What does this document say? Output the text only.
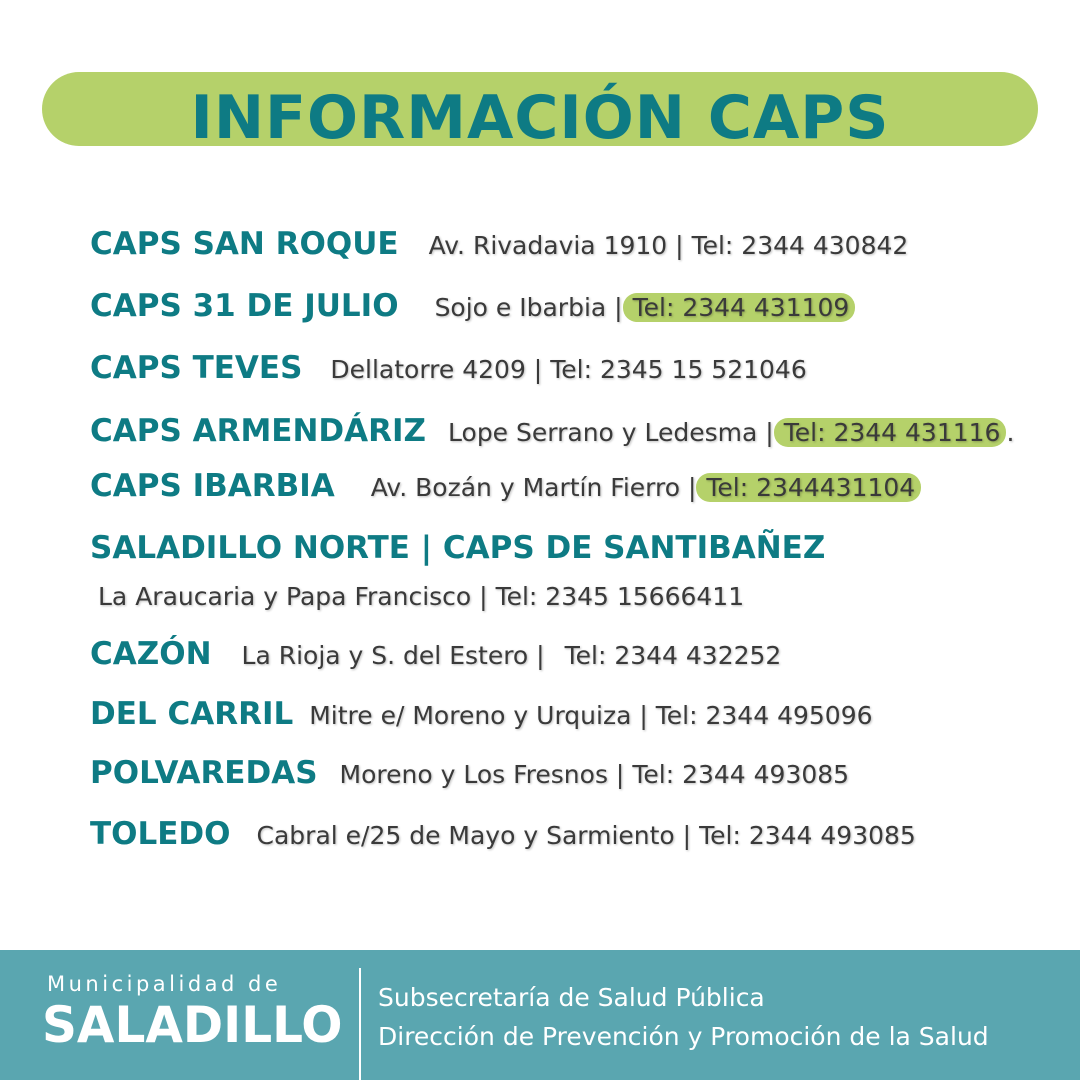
INFORMACIÓN CAPS
CAPS SAN ROQUE Av. Rivadavia 1910 | Tel: 2344 430842
CAPS 31 DE JULIO Sojo e Ibarbia | Tel: 2344 431109
CAPS TEVES Dellatorre 4209 | Tel: 2345 15 521046
CAPS ARMENDÁRIZ Lope Serrano y Ledesma | Tel: 2344 431116 .
CAPS IBARBIA Av. Bozán y Martín Fierro | Tel: 2344431104
SALADILLO NORTE | CAPS DE SANTIBAÑEZ
La Araucaria y Papa Francisco | Tel: 2345 15666411
CAZÓN La Rioja y S. del Estero | Tel: 2344 432252
DEL CARRIL Mitre e/ Moreno y Urquiza | Tel: 2344 495096
POLVAREDAS Moreno y Los Fresnos | Tel: 2344 493085
TOLEDO Cabral e/25 de Mayo y Sarmiento | Tel: 2344 493085
Municipalidad de
SALADILLO Subsecretaría de Salud Pública
Dirección de Prevención y Promoción de la Salud
